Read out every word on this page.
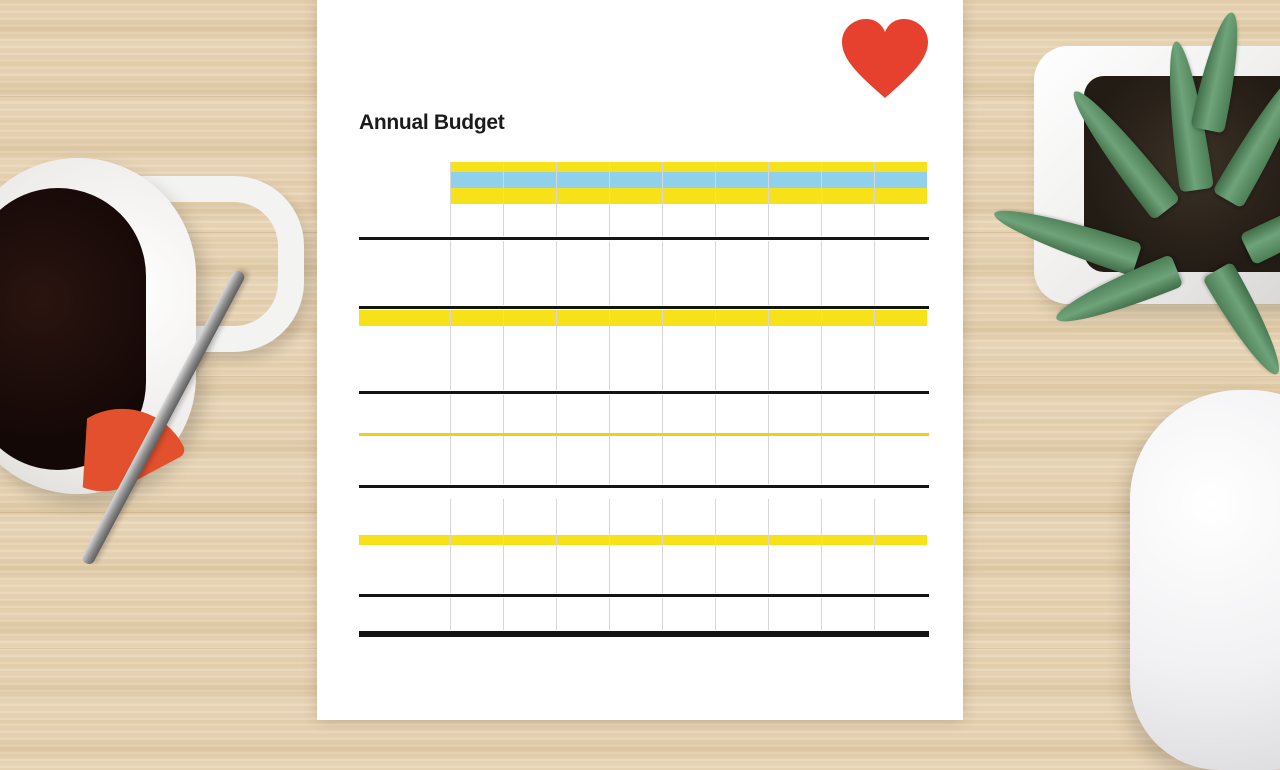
Annual Budget
